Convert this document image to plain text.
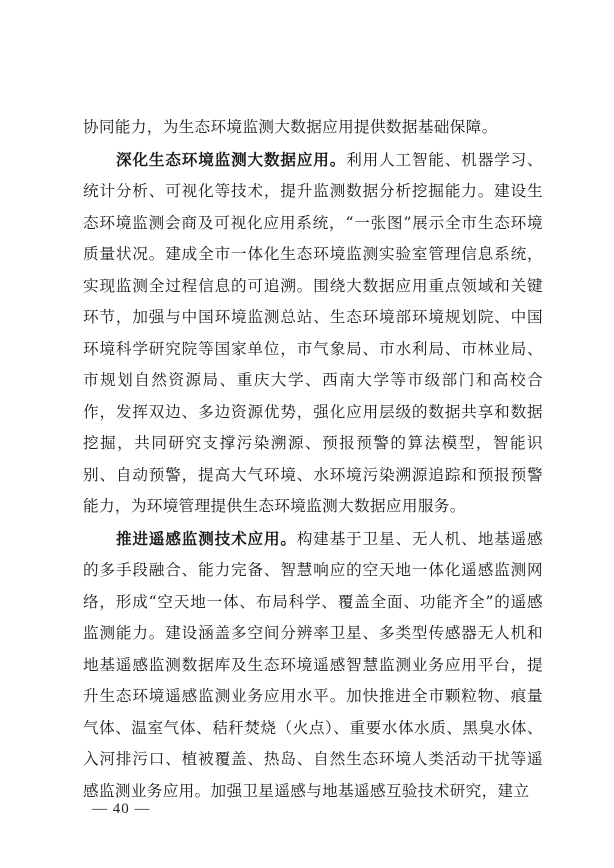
协同能力，为生态环境监测大数据应用提供数据基础保障。

深化生态环境监测大数据应用。利用人工智能、机器学习、统计分析、可视化等技术，提升监测数据分析挖掘能力。建设生态环境监测会商及可视化应用系统，“一张图”展示全市生态环境质量状况。建成全市一体化生态环境监测实验室管理信息系统，实现监测全过程信息的可追溯。围绕大数据应用重点领域和关键环节，加强与中国环境监测总站、生态环境部环境规划院、中国环境科学研究院等国家单位，市气象局、市水利局、市林业局、市规划自然资源局、重庆大学、西南大学等市级部门和高校合作，发挥双边、多边资源优势，强化应用层级的数据共享和数据挖掘，共同研究支撑污染溯源、预报预警的算法模型，智能识别、自动预警，提高大气环境、水环境污染溯源追踪和预报预警能力，为环境管理提供生态环境监测大数据应用服务。

推进遥感监测技术应用。构建基于卫星、无人机、地基遥感的多手段融合、能力完备、智慧响应的空天地一体化遥感监测网络，形成“空天地一体、布局科学、覆盖全面、功能齐全”的遥感监测能力。建设涵盖多空间分辨率卫星、多类型传感器无人机和地基遥感监测数据库及生态环境遥感智慧监测业务应用平台，提升生态环境遥感监测业务应用水平。加快推进全市颗粒物、痕量气体、温室气体、秸秆焚烧（火点）、重要水体水质、黑臭水体、入河排污口、植被覆盖、热岛、自然生态环境人类活动干扰等遥感监测业务应用。加强卫星遥感与地基遥感互验技术研究，建立

— 40 —
